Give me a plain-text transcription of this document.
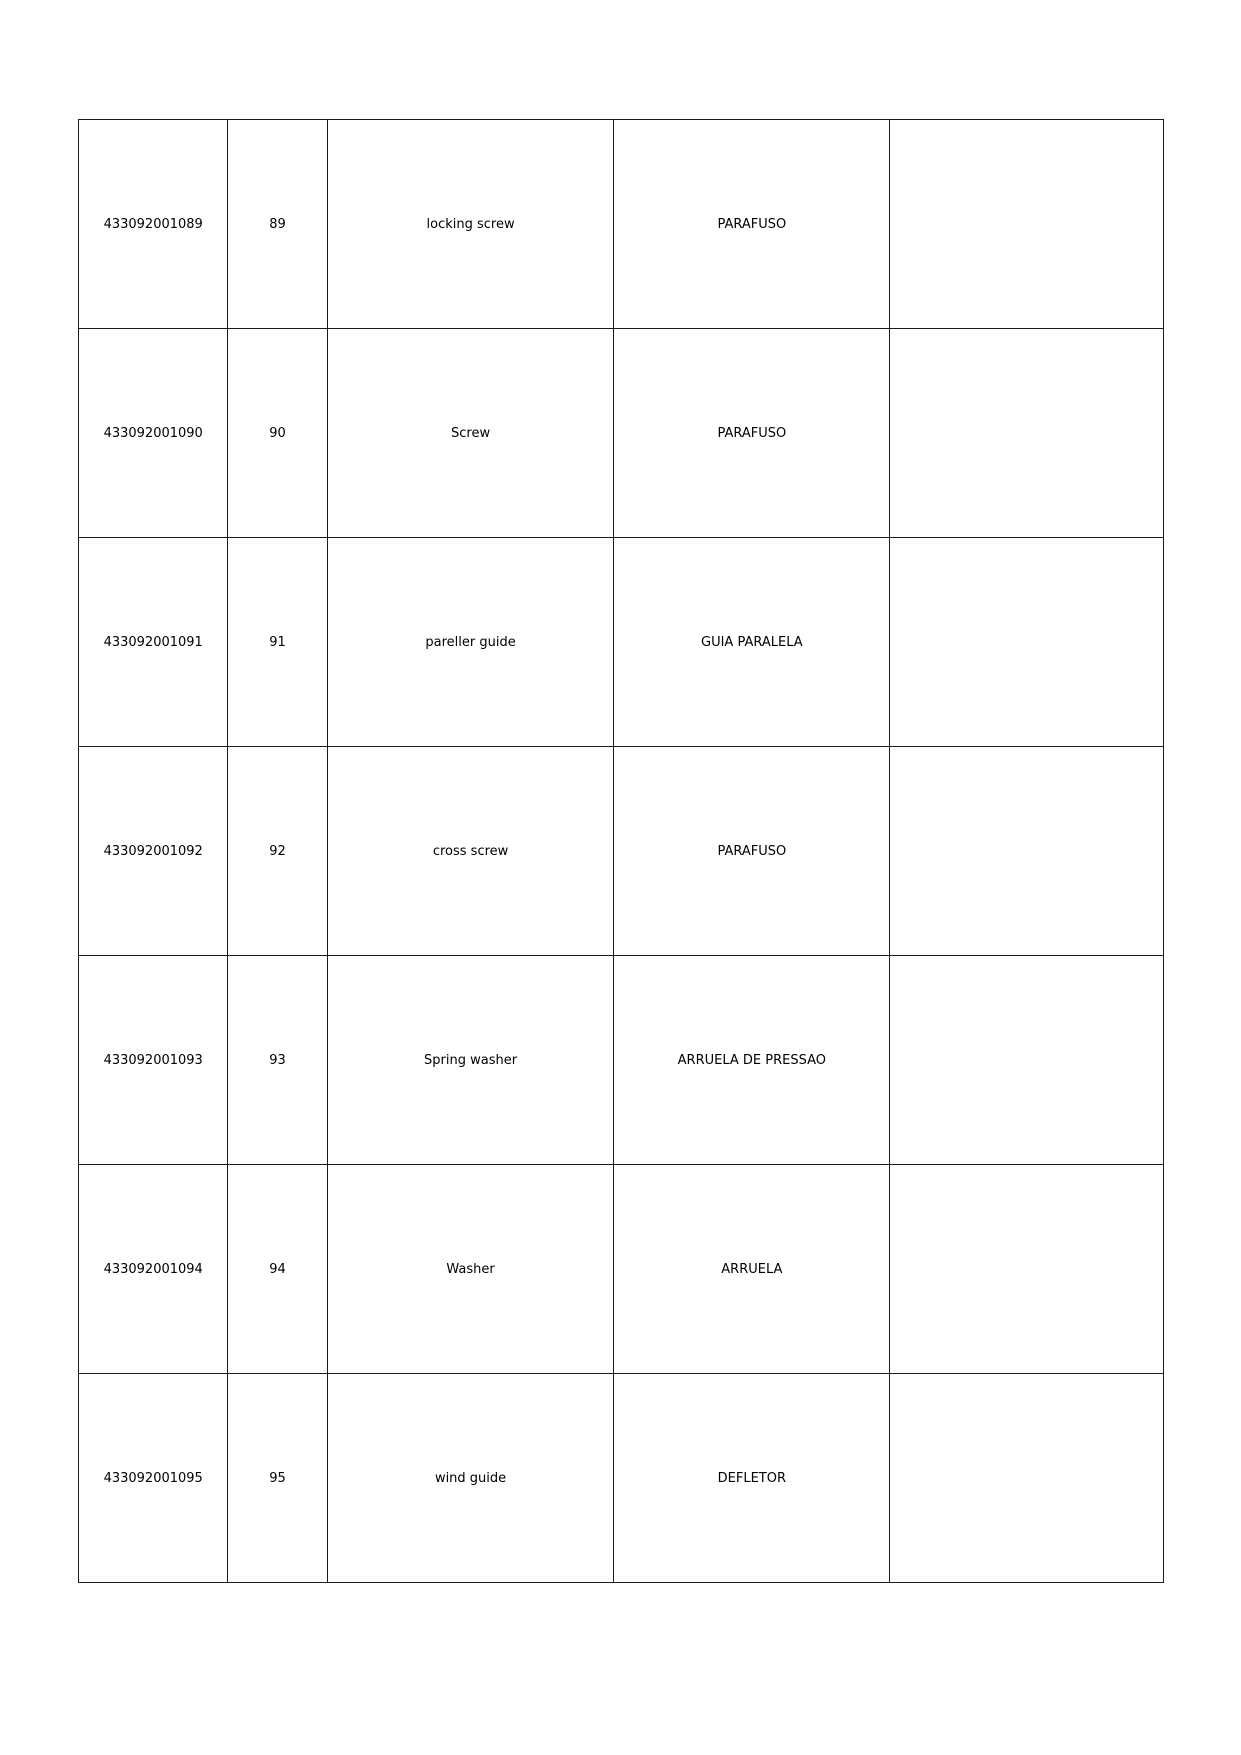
433092001089	89	locking screw	PARAFUSO	
433092001090	90	Screw	PARAFUSO	
433092001091	91	pareller guide	GUIA PARALELA	
433092001092	92	cross screw	PARAFUSO	
433092001093	93	Spring washer	ARRUELA DE PRESSAO	
433092001094	94	Washer	ARRUELA	
433092001095	95	wind guide	DEFLETOR	
